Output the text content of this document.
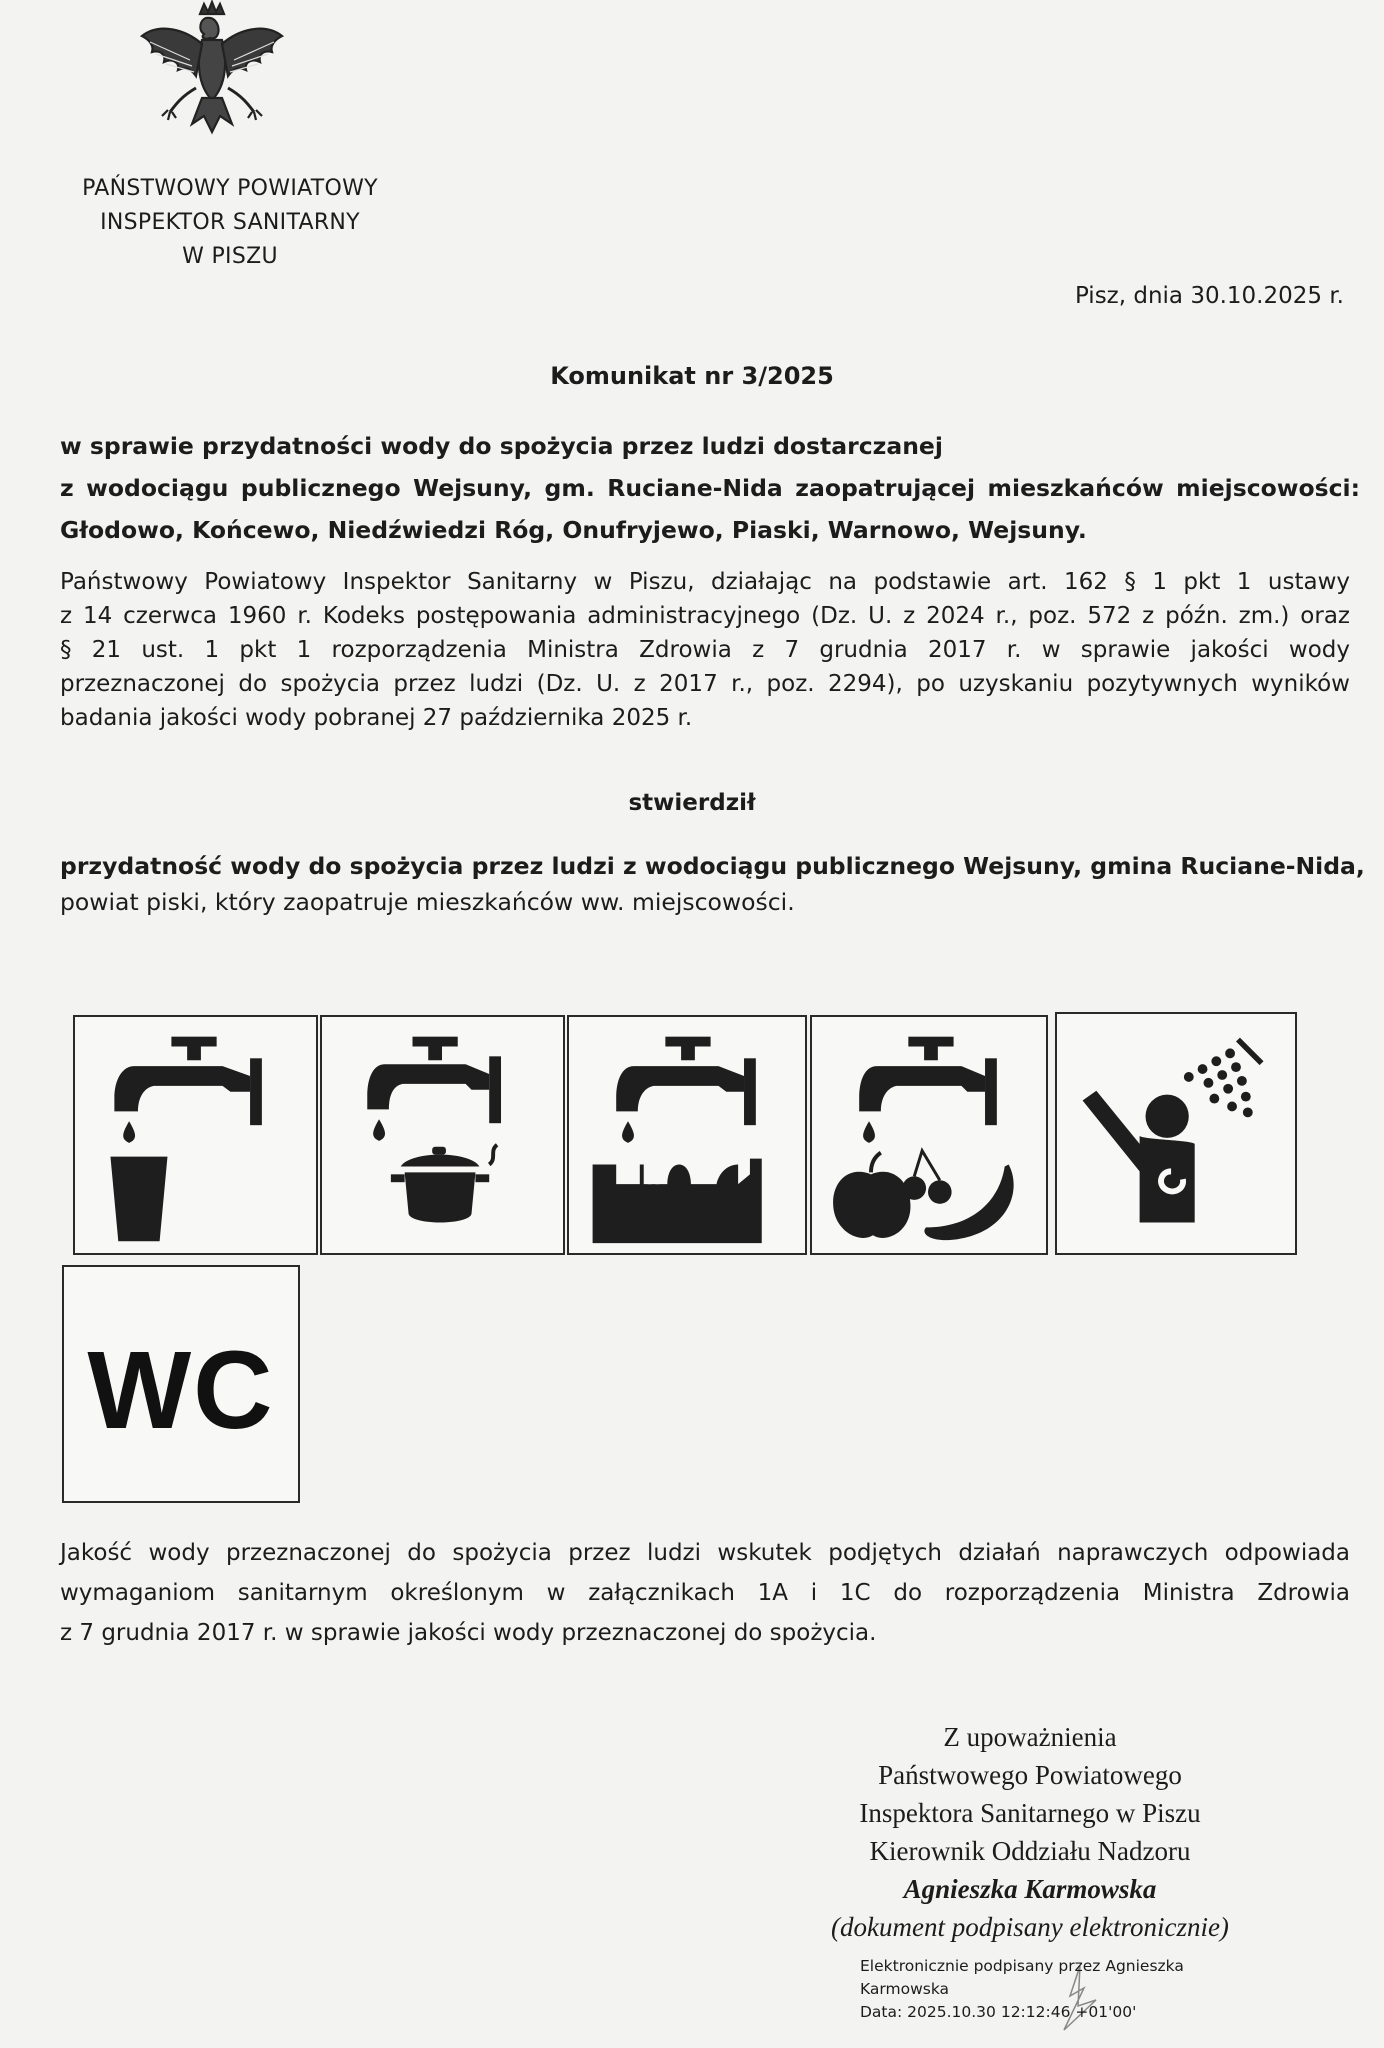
PAŃSTWOWY POWIATOWY
INSPEKTOR SANITARNY
W PISZU
Pisz, dnia 30.10.2025 r.
Komunikat nr 3/2025
w sprawie przydatności wody do spożycia przez ludzi dostarczanej
z wodociągu publicznego Wejsuny, gm. Ruciane-Nida zaopatrującej mieszkańców miejscowości:
Głodowo, Końcewo, Niedźwiedzi Róg, Onufryjewo, Piaski, Warnowo, Wejsuny.
Państwowy Powiatowy Inspektor Sanitarny w Piszu, działając na podstawie art. 162 § 1 pkt 1 ustawy
z 14 czerwca 1960 r. Kodeks postępowania administracyjnego (Dz. U. z 2024 r., poz. 572 z późn. zm.) oraz
§ 21 ust. 1 pkt 1 rozporządzenia Ministra Zdrowia z 7 grudnia 2017 r. w sprawie jakości wody
przeznaczonej do spożycia przez ludzi (Dz. U. z 2017 r., poz. 2294), po uzyskaniu pozytywnych wyników
badania jakości wody pobranej 27 października 2025 r.
stwierdził
przydatność wody do spożycia przez ludzi z wodociągu publicznego Wejsuny, gmina Ruciane-Nida,
powiat piski, który zaopatruje mieszkańców ww. miejscowości.
WC
Jakość wody przeznaczonej do spożycia przez ludzi wskutek podjętych działań naprawczych odpowiada
wymaganiom sanitarnym określonym w załącznikach 1A i 1C do rozporządzenia Ministra Zdrowia
z 7 grudnia 2017 r. w sprawie jakości wody przeznaczonej do spożycia.
Z upoważnienia
Państwowego Powiatowego
Inspektora Sanitarnego w Piszu
Kierownik Oddziału Nadzoru
Agnieszka Karmowska
(dokument podpisany elektronicznie)
Elektronicznie podpisany przez Agnieszka
Karmowska
Data: 2025.10.30 12:12:46 +01'00'
